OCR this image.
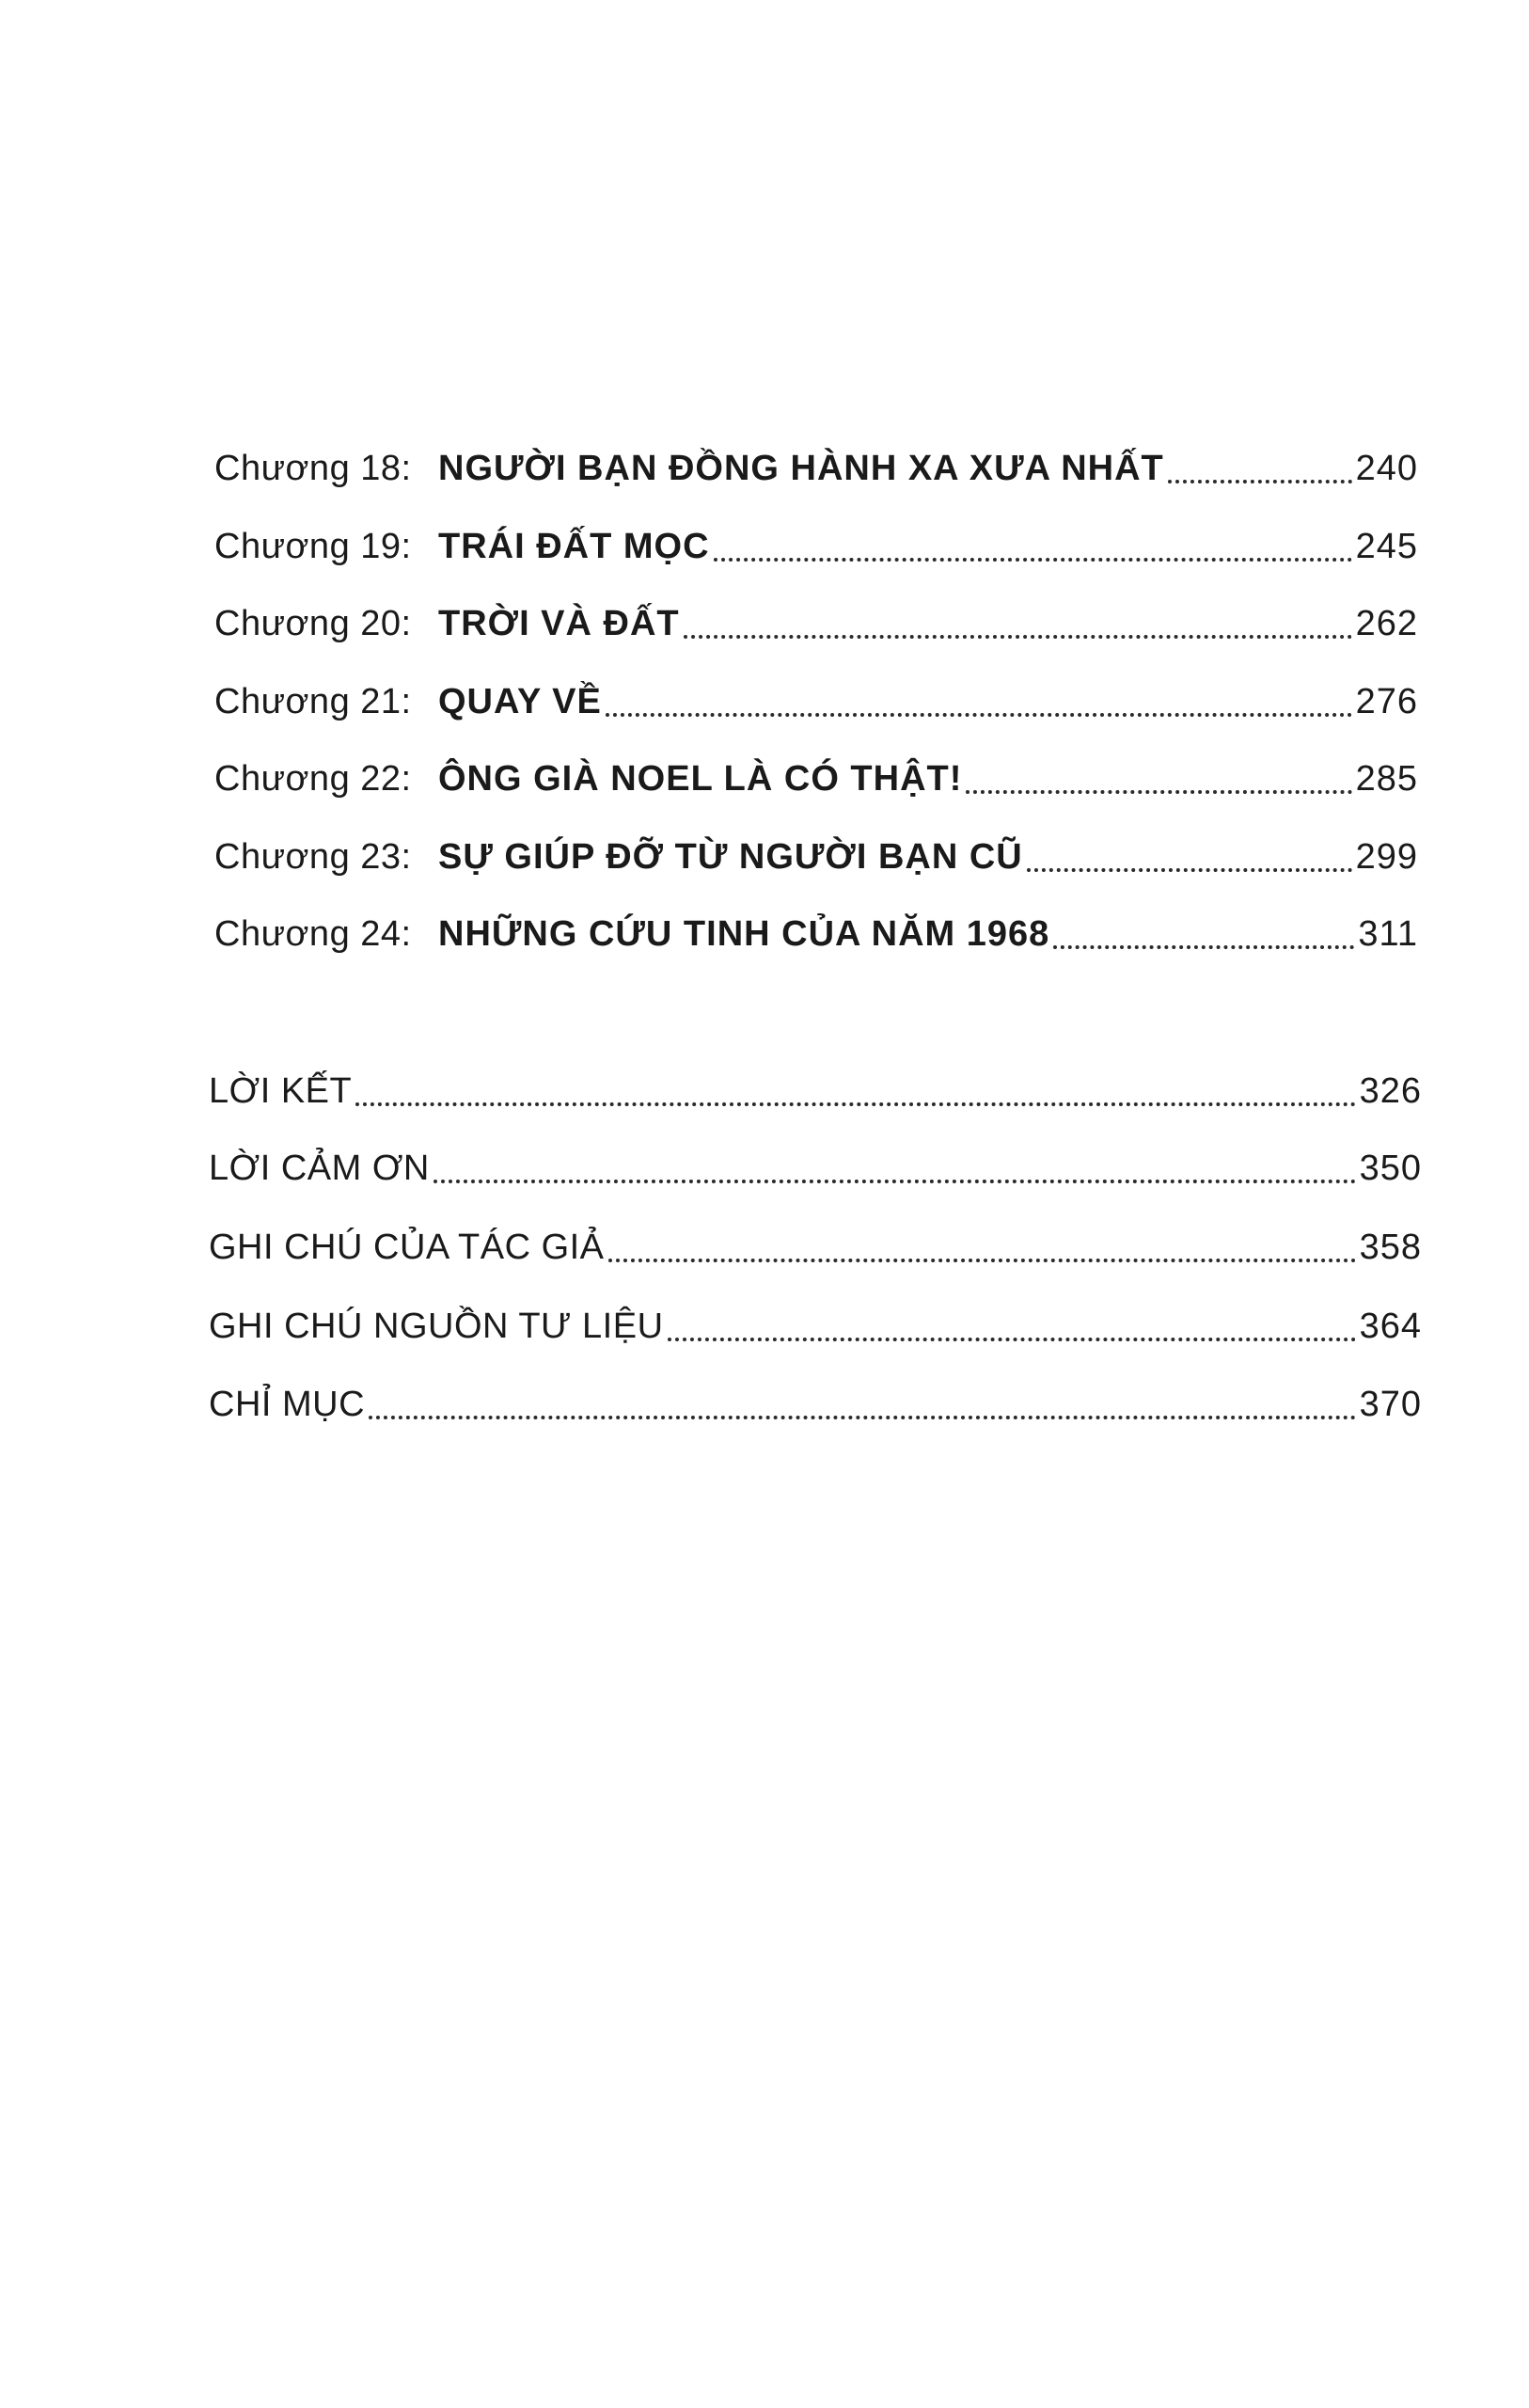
Chương 18: NGƯỜI BẠN ĐỒNG HÀNH XA XƯA NHẤT	240
Chương 19: TRÁI ĐẤT MỌC	245
Chương 20: TRỜI VÀ ĐẤT	262
Chương 21: QUAY VỀ	276
Chương 22: ÔNG GIÀ NOEL LÀ CÓ THẬT!	285
Chương 23: SỰ GIÚP ĐỠ TỪ NGƯỜI BẠN CŨ	299
Chương 24: NHỮNG CỨU TINH CỦA NĂM 1968	311
LỜI KẾT	326
LỜI CẢM ƠN	350
GHI CHÚ CỦA TÁC GIẢ	358
GHI CHÚ NGUỒN TƯ LIỆU	364
CHỈ MỤC	370
